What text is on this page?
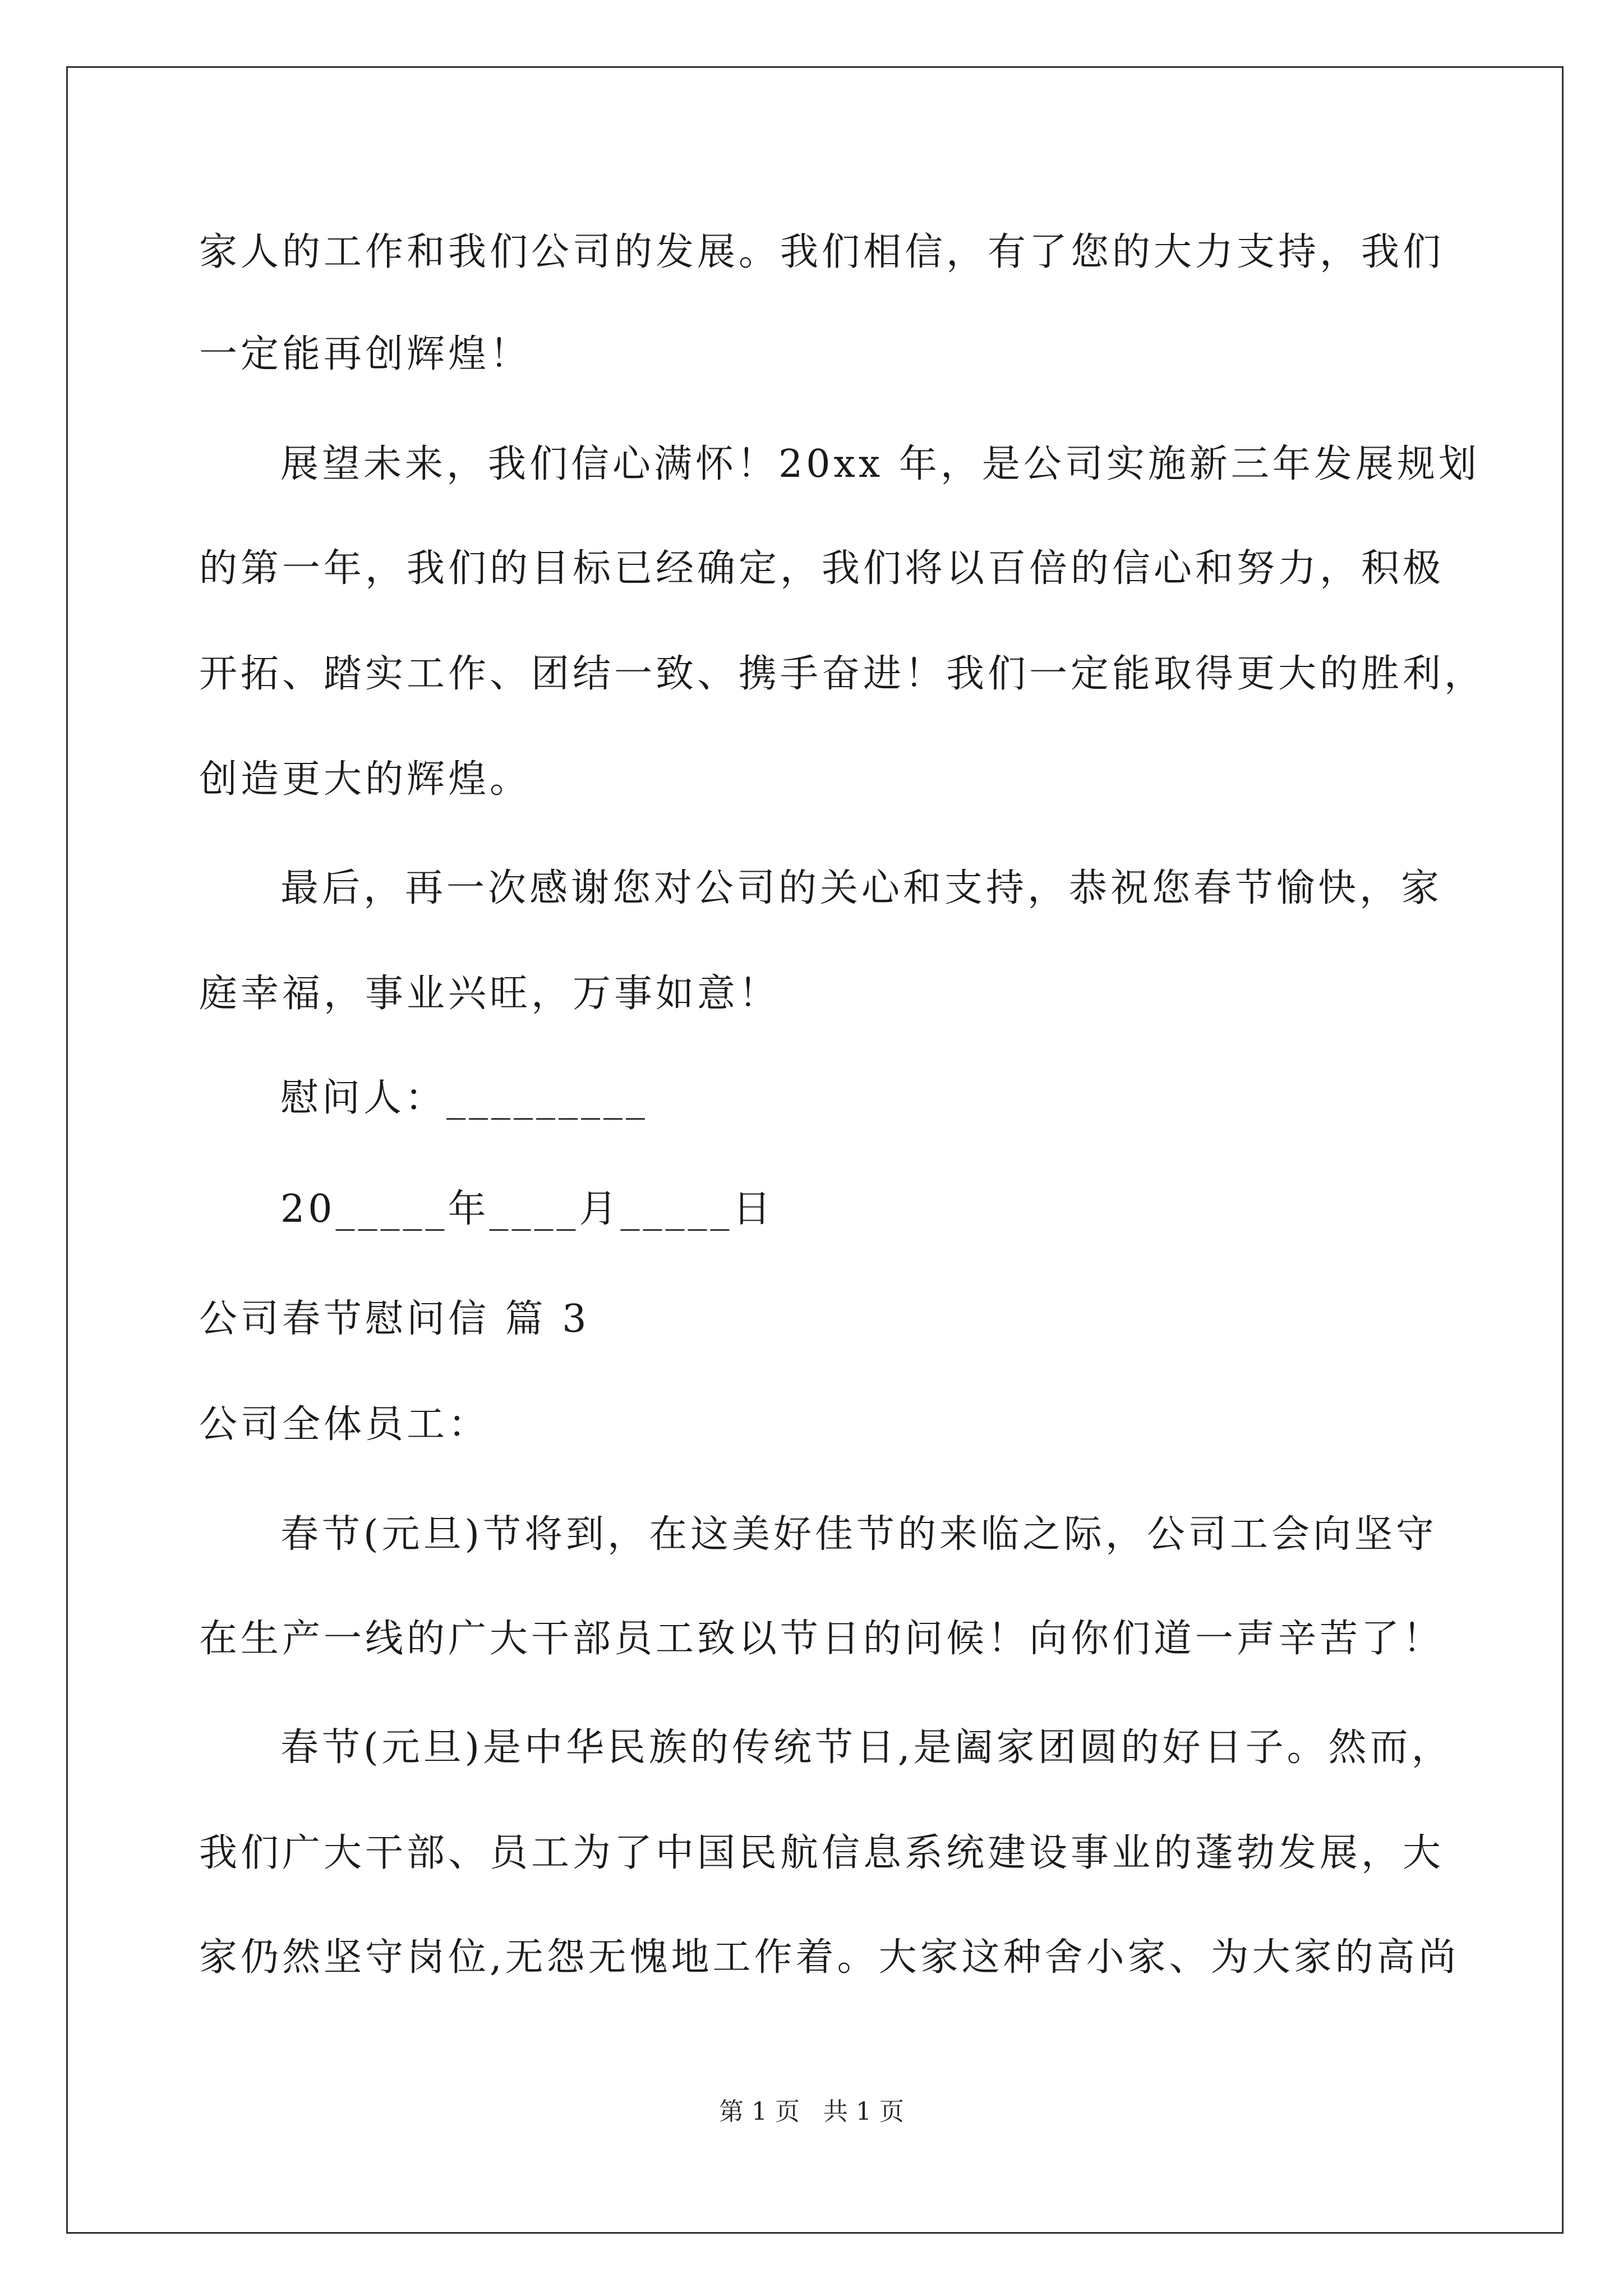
家人的工作和我们公司的发展。我们相信，有了您的大力支持，我们
一定能再创辉煌！
展望未来，我们信心满怀！20xx 年，是公司实施新三年发展规划
的第一年，我们的目标已经确定，我们将以百倍的信心和努力，积极
开拓、踏实工作、团结一致、携手奋进！我们一定能取得更大的胜利，
创造更大的辉煌。
最后，再一次感谢您对公司的关心和支持，恭祝您春节愉快，家
庭幸福，事业兴旺，万事如意！
慰问人：_________
20_____年____月_____日
公司春节慰问信 篇 3
公司全体员工：
春节(元旦)节将到，在这美好佳节的来临之际，公司工会向坚守
在生产一线的广大干部员工致以节日的问候！向你们道一声辛苦了！
春节(元旦)是中华民族的传统节日,是阖家团圆的好日子。然而，
我们广大干部、员工为了中国民航信息系统建设事业的蓬勃发展，大
家仍然坚守岗位,无怨无愧地工作着。大家这种舍小家、为大家的高尚
第 1 页   共 1 页
